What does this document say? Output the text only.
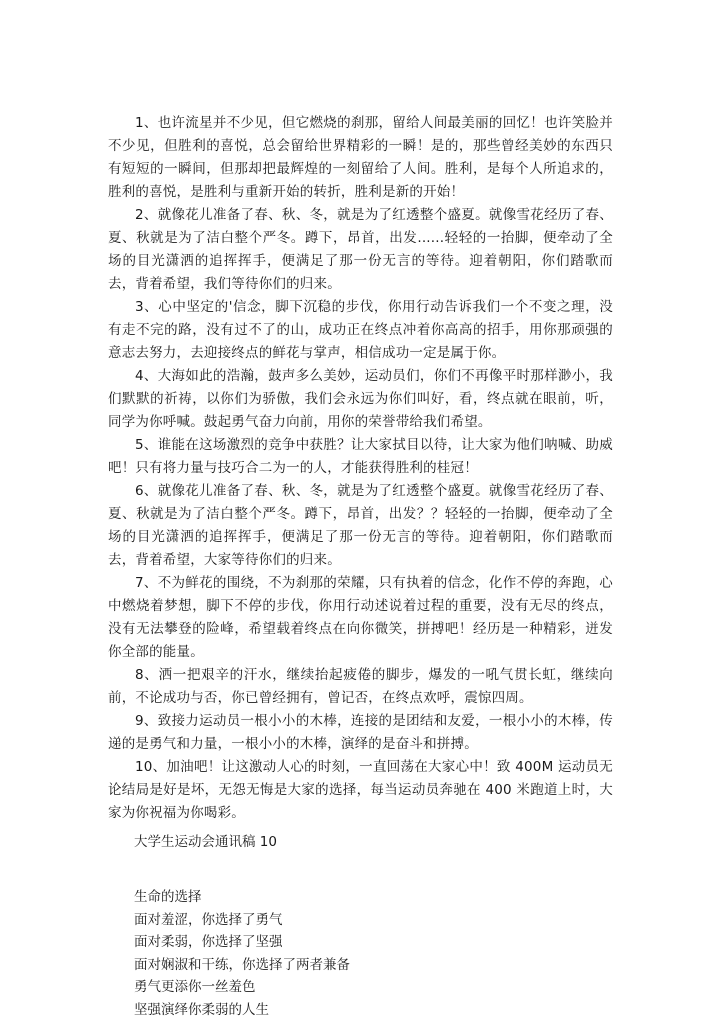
1、也许流星并不少见，但它燃烧的刹那，留给人间最美丽的回忆！也许笑脸并不少见，但胜利的喜悦，总会留给世界精彩的一瞬！是的，那些曾经美妙的东西只有短短的一瞬间，但那却把最辉煌的一刻留给了人间。胜利，是每个人所追求的，胜利的喜悦，是胜利与重新开始的转折，胜利是新的开始！

2、就像花儿准备了春、秋、冬，就是为了红透整个盛夏。就像雪花经历了春、夏、秋就是为了洁白整个严冬。蹲下，昂首，出发......轻轻的一抬脚，便牵动了全场的目光潇洒的追挥挥手，便满足了那一份无言的等待。迎着朝阳，你们踏歌而去，背着希望，我们等待你们的归来。

3、心中坚定的'信念，脚下沉稳的步伐，你用行动告诉我们一个不变之理，没有走不完的路，没有过不了的山，成功正在终点冲着你高高的招手，用你那顽强的意志去努力，去迎接终点的鲜花与掌声，相信成功一定是属于你。

4、大海如此的浩瀚，鼓声多么美妙，运动员们，你们不再像平时那样渺小，我们默默的祈祷，以你们为骄傲，我们会永远为你们叫好，看，终点就在眼前，听，同学为你呼喊。鼓起勇气奋力向前，用你的荣誉带给我们希望。

5、谁能在这场激烈的竞争中获胜？让大家拭目以待，让大家为他们呐喊、助威吧！只有将力量与技巧合二为一的人，才能获得胜利的桂冠！

6、就像花儿准备了春、秋、冬，就是为了红透整个盛夏。就像雪花经历了春、夏、秋就是为了洁白整个严冬。蹲下，昂首，出发？？轻轻的一抬脚，便牵动了全场的目光潇洒的追挥挥手，便满足了那一份无言的等待。迎着朝阳，你们踏歌而去，背着希望，大家等待你们的归来。

7、不为鲜花的围绕，不为刹那的荣耀，只有执着的信念，化作不停的奔跑，心中燃烧着梦想，脚下不停的步伐，你用行动述说着过程的重要，没有无尽的终点，没有无法攀登的险峰，希望载着终点在向你微笑，拼搏吧！经历是一种精彩，迸发你全部的能量。

8、洒一把艰辛的汗水，继续抬起疲倦的脚步，爆发的一吼气贯长虹，继续向前，不论成功与否，你已曾经拥有，曾记否，在终点欢呼，震惊四周。

9、致接力运动员一根小小的木棒，连接的是团结和友爱，一根小小的木棒，传递的是勇气和力量，一根小小的木棒，演绎的是奋斗和拼搏。

10、加油吧！让这激动人心的时刻，一直回荡在大家心中！致 400M 运动员无论结局是好是坏，无怨无悔是大家的选择，每当运动员奔驰在 400 米跑道上时，大家为你祝福为你喝彩。

大学生运动会通讯稿 10

生命的选择

面对羞涩，你选择了勇气

面对柔弱，你选择了坚强

面对娴淑和干练，你选择了两者兼备

勇气更添你一丝羞色

坚强演绎你柔弱的人生
